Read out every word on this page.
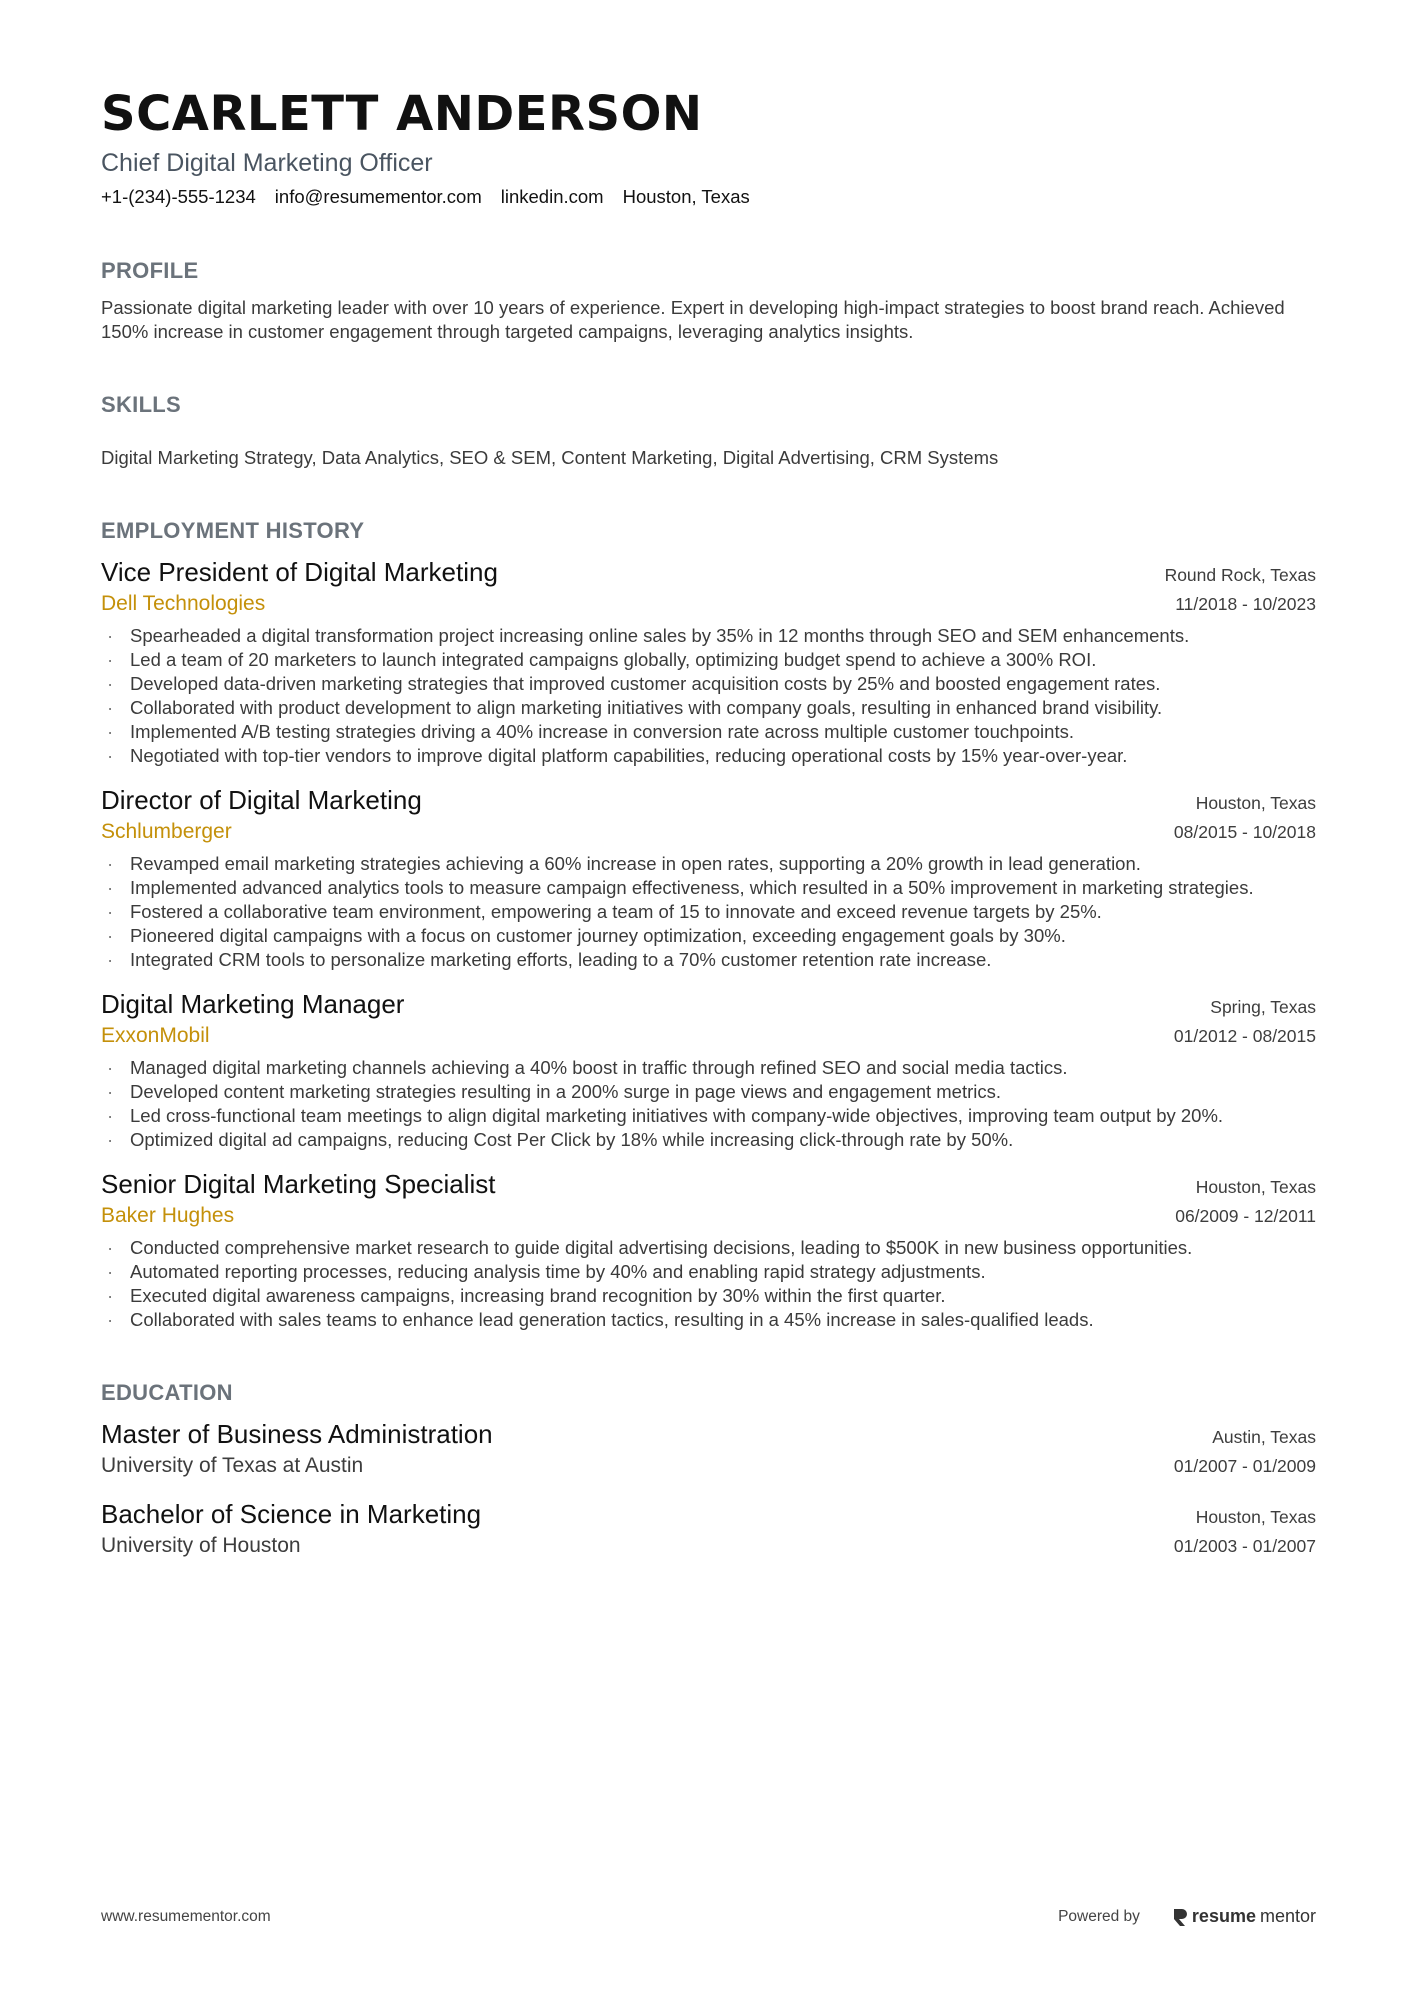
SCARLETT ANDERSON
Chief Digital Marketing Officer
+1-(234)-555-1234 info@resumementor.com linkedin.com Houston, Texas
PROFILE
Passionate digital marketing leader with over 10 years of experience. Expert in developing high-impact strategies to boost brand reach. Achieved 150% increase in customer engagement through targeted campaigns, leveraging analytics insights.
SKILLS
Digital Marketing Strategy, Data Analytics, SEO & SEM, Content Marketing, Digital Advertising, CRM Systems
EMPLOYMENT HISTORY
Vice President of Digital Marketing	Round Rock, Texas
Dell Technologies	11/2018 - 10/2023
· Spearheaded a digital transformation project increasing online sales by 35% in 12 months through SEO and SEM enhancements.
· Led a team of 20 marketers to launch integrated campaigns globally, optimizing budget spend to achieve a 300% ROI.
· Developed data-driven marketing strategies that improved customer acquisition costs by 25% and boosted engagement rates.
· Collaborated with product development to align marketing initiatives with company goals, resulting in enhanced brand visibility.
· Implemented A/B testing strategies driving a 40% increase in conversion rate across multiple customer touchpoints.
· Negotiated with top-tier vendors to improve digital platform capabilities, reducing operational costs by 15% year-over-year.
Director of Digital Marketing	Houston, Texas
Schlumberger	08/2015 - 10/2018
· Revamped email marketing strategies achieving a 60% increase in open rates, supporting a 20% growth in lead generation.
· Implemented advanced analytics tools to measure campaign effectiveness, which resulted in a 50% improvement in marketing strategies.
· Fostered a collaborative team environment, empowering a team of 15 to innovate and exceed revenue targets by 25%.
· Pioneered digital campaigns with a focus on customer journey optimization, exceeding engagement goals by 30%.
· Integrated CRM tools to personalize marketing efforts, leading to a 70% customer retention rate increase.
Digital Marketing Manager	Spring, Texas
ExxonMobil	01/2012 - 08/2015
· Managed digital marketing channels achieving a 40% boost in traffic through refined SEO and social media tactics.
· Developed content marketing strategies resulting in a 200% surge in page views and engagement metrics.
· Led cross-functional team meetings to align digital marketing initiatives with company-wide objectives, improving team output by 20%.
· Optimized digital ad campaigns, reducing Cost Per Click by 18% while increasing click-through rate by 50%.
Senior Digital Marketing Specialist	Houston, Texas
Baker Hughes	06/2009 - 12/2011
· Conducted comprehensive market research to guide digital advertising decisions, leading to $500K in new business opportunities.
· Automated reporting processes, reducing analysis time by 40% and enabling rapid strategy adjustments.
· Executed digital awareness campaigns, increasing brand recognition by 30% within the first quarter.
· Collaborated with sales teams to enhance lead generation tactics, resulting in a 45% increase in sales-qualified leads.
EDUCATION
Master of Business Administration	Austin, Texas
University of Texas at Austin	01/2007 - 01/2009
Bachelor of Science in Marketing	Houston, Texas
University of Houston	01/2003 - 01/2007
www.resumementor.com	Powered by	resume mentor
